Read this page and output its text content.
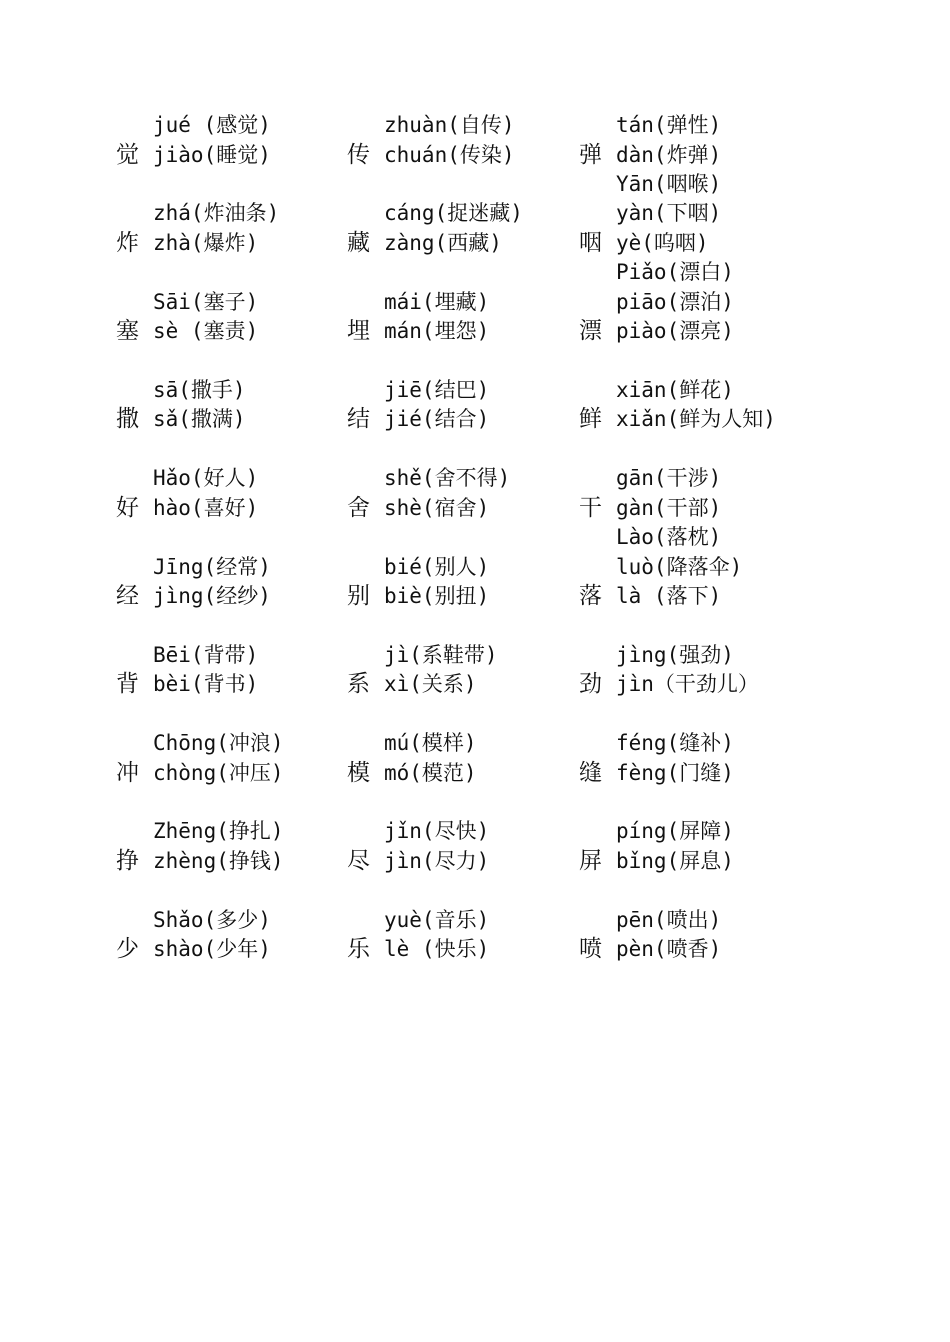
觉
jué (感觉)
jiào(睡觉)
炸
zhá(炸油条)
zhà(爆炸)
塞
Sāi(塞子)
sè (塞责)
撒
sā(撒手)
sǎ(撒满)
好
Hǎo(好人)
hào(喜好)
经
Jīng(经常)
jìng(经纱)
背
Bēi(背带)
bèi(背书)
冲
Chōng(冲浪)
chòng(冲压)
挣
Zhēng(挣扎)
zhèng(挣钱)
少
Shǎo(多少)
shào(少年)
传
zhuàn(自传)
chuán(传染)
藏
cáng(捉迷藏)
zàng(西藏)
埋
mái(埋藏)
mán(埋怨)
结
jiē(结巴)
jié(结合)
舍
shě(舍不得)
shè(宿舍)
别
bié(别人)
biè(别扭)
系
jì(系鞋带)
xì(关系)
模
mú(模样)
mó(模范)
尽
jǐn(尽快)
jìn(尽力)
乐
yuè(音乐)
lè (快乐)
弹
tán(弹性)
dàn(炸弹)
咽
Yān(咽喉)
yàn(下咽)
yè(呜咽)
漂
Piǎo(漂白)
piāo(漂泊)
piào(漂亮)
鲜
xiān(鲜花)
xiǎn(鲜为人知)
干
gān(干涉)
gàn(干部)
落
Lào(落枕)
luò(降落伞)
là (落下)
劲
jìng(强劲)
jìn（干劲儿）
缝
féng(缝补)
fèng(门缝)
屏
píng(屏障)
bǐng(屏息)
喷
pēn(喷出)
pèn(喷香)
